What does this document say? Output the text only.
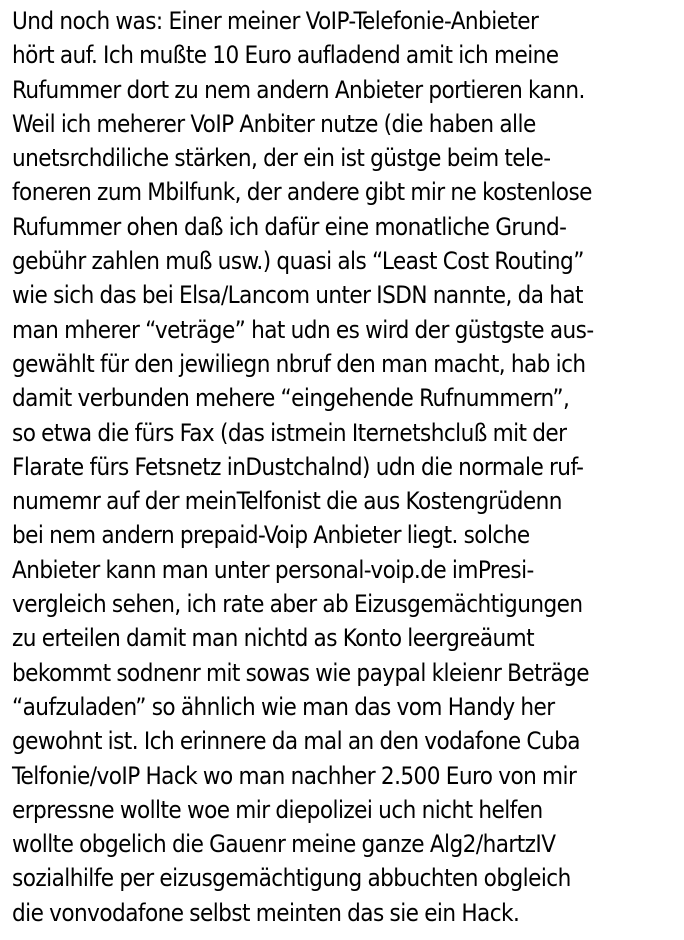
Und noch was: Einer meiner VoIP-Telefonie-Anbieter
hört auf. Ich mußte 10 Euro aufladend amit ich meine
Rufummer dort zu nem andern Anbieter portieren kann.
Weil ich meherer VoIP Anbiter nutze (die haben alle
unetsrchdiliche stärken, der ein ist güstge beim tele-
foneren zum Mbilfunk, der andere gibt mir ne kostenlose
Rufummer ohen daß ich dafür eine monatliche Grund-
gebühr zahlen muß usw.) quasi als “Least Cost Routing”
wie sich das bei Elsa/Lancom unter ISDN nannte, da hat
man mherer “veträge” hat udn es wird der güstgste aus-
gewählt für den jewiliegn nbruf den man macht, hab ich
damit verbunden mehere “eingehende Rufnummern”,
so etwa die fürs Fax (das istmein Iternetshcluß mit der
Flarate fürs Fetsnetz inDustchalnd) udn die normale ruf-
numemr auf der meinTelfonist die aus Kostengrüdenn
bei nem andern prepaid-Voip Anbieter liegt. solche
Anbieter kann man unter personal-voip.de imPresi-
vergleich sehen, ich rate aber ab Eizusgemächtigungen
zu erteilen damit man nichtd as Konto leergreäumt
bekommt sodnenr mit sowas wie paypal kleienr Beträge
“aufzuladen” so ähnlich wie man das vom Handy her
gewohnt ist. Ich erinnere da mal an den vodafone Cuba
Telfonie/voIP Hack wo man nachher 2.500 Euro von mir
erpressne wollte woe mir diepolizei uch nicht helfen
wollte obgelich die Gauenr meine ganze Alg2/hartzIV
sozialhilfe per eizusgemächtigung abbuchten obgleich
die vonvodafone selbst meinten das sie ein Hack.
